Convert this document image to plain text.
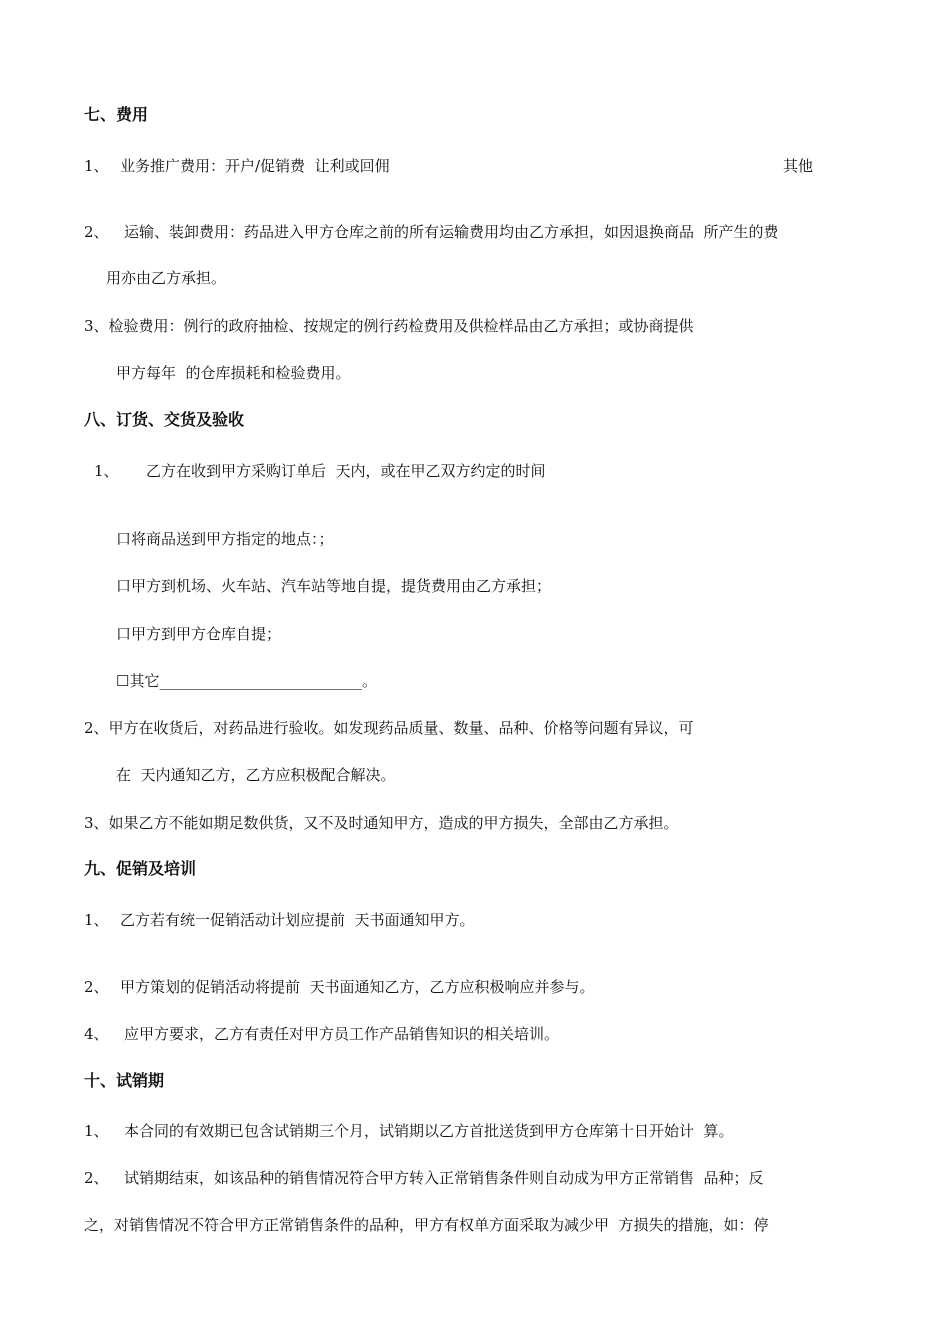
七、费用
1、 业务推广费用：开户/促销费  让利或回佣	其他
2、 运输、装卸费用：药品进入甲方仓库之前的所有运输费用均由乙方承担，如因退换商品  所产生的费
用亦由乙方承担。
3、检验费用：例行的政府抽检、按规定的例行药检费用及供检样品由乙方承担；或协商提供
甲方每年  的仓库损耗和检验费用。
八、订货、交货及验收
1、 乙方在收到甲方采购订单后  天内，或在甲乙双方约定的时间
口将商品送到甲方指定的地点：；
口甲方到机场、火车站、汽车站等地自提，提货费用由乙方承担；
口甲方到甲方仓库自提；
☐其它___________________________。
2、甲方在收货后，对药品进行验收。如发现药品质量、数量、品种、价格等问题有异议，可
在  天内通知乙方，乙方应积极配合解决。
3、如果乙方不能如期足数供货，又不及时通知甲方，造成的甲方损失，全部由乙方承担。
九、促销及培训
1、 乙方若有统一促销活动计划应提前  天书面通知甲方。
2、 甲方策划的促销活动将提前  天书面通知乙方，乙方应积极响应并参与。
4、 应甲方要求，乙方有责任对甲方员工作产品销售知识的相关培训。
十、试销期
1、 本合同的有效期已包含试销期三个月，试销期以乙方首批送货到甲方仓库第十日开始计  算。
2、 试销期结束，如该品种的销售情况符合甲方转入正常销售条件则自动成为甲方正常销售  品种；反
之，对销售情况不符合甲方正常销售条件的品种，甲方有权单方面采取为减少甲  方损失的措施，如：停
